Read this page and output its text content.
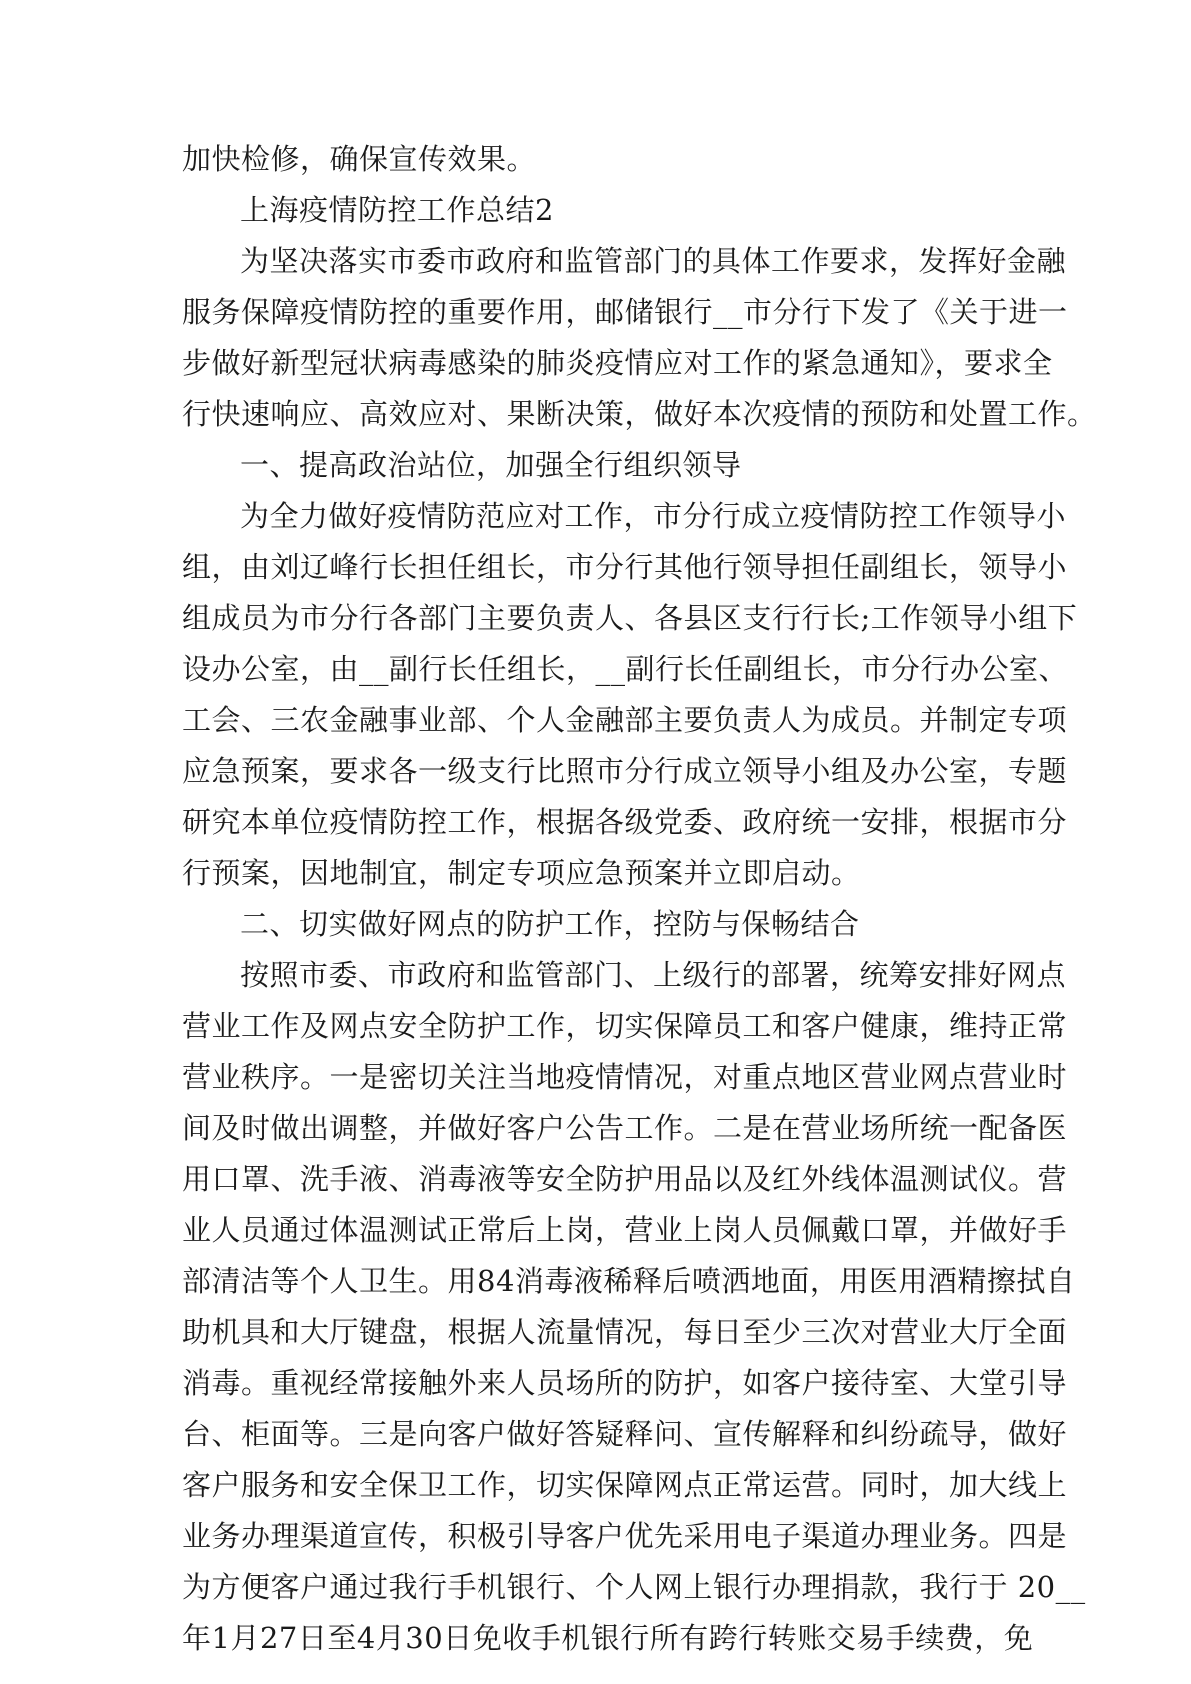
加快检修，确保宣传效果。
上海疫情防控工作总结2
为坚决落实市委市政府和监管部门的具体工作要求，发挥好金融
服务保障疫情防控的重要作用，邮储银行__市分行下发了《关于进一
步做好新型冠状病毒感染的肺炎疫情应对工作的紧急通知》，要求全
行快速响应、高效应对、果断决策，做好本次疫情的预防和处置工作。
一、提高政治站位，加强全行组织领导
为全力做好疫情防范应对工作，市分行成立疫情防控工作领导小
组，由刘辽峰行长担任组长，市分行其他行领导担任副组长，领导小
组成员为市分行各部门主要负责人、各县区支行行长;工作领导小组下
设办公室，由__副行长任组长，__副行长任副组长，市分行办公室、
工会、三农金融事业部、个人金融部主要负责人为成员。并制定专项
应急预案，要求各一级支行比照市分行成立领导小组及办公室，专题
研究本单位疫情防控工作，根据各级党委、政府统一安排，根据市分
行预案，因地制宜，制定专项应急预案并立即启动。
二、切实做好网点的防护工作，控防与保畅结合
按照市委、市政府和监管部门、上级行的部署，统筹安排好网点
营业工作及网点安全防护工作，切实保障员工和客户健康，维持正常
营业秩序。一是密切关注当地疫情情况，对重点地区营业网点营业时
间及时做出调整，并做好客户公告工作。二是在营业场所统一配备医
用口罩、洗手液、消毒液等安全防护用品以及红外线体温测试仪。营
业人员通过体温测试正常后上岗，营业上岗人员佩戴口罩，并做好手
部清洁等个人卫生。用84消毒液稀释后喷洒地面，用医用酒精擦拭自
助机具和大厅键盘，根据人流量情况，每日至少三次对营业大厅全面
消毒。重视经常接触外来人员场所的防护，如客户接待室、大堂引导
台、柜面等。三是向客户做好答疑释问、宣传解释和纠纷疏导，做好
客户服务和安全保卫工作，切实保障网点正常运营。同时，加大线上
业务办理渠道宣传，积极引导客户优先采用电子渠道办理业务。四是
为方便客户通过我行手机银行、个人网上银行办理捐款，我行于 20__
年1月27日至4月30日免收手机银行所有跨行转账交易手续费，免
